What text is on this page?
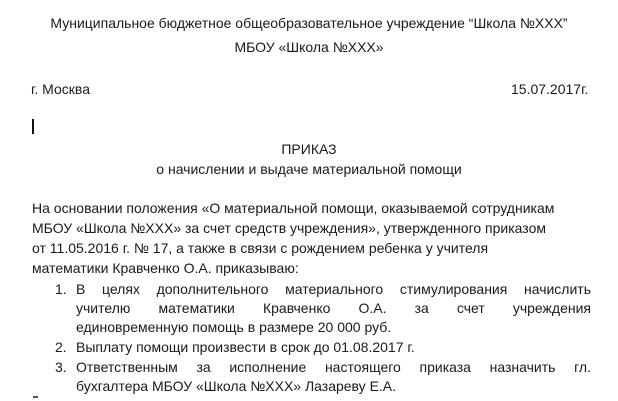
Муниципальное бюджетное общеобразовательное учреждение “Школа №ХХХ”
МБОУ «Школа №ХХХ»
г. Москва	15.07.2017г.
ПРИКАЗ
о начислении и выдаче материальной помощи
На основании положения «О материальной помощи, оказываемой сотрудникам
МБОУ «Школа №ХХХ» за счет средств учреждения», утвержденного приказом
от 11.05.2016 г. № 17, а также в связи с рождением ребенка у учителя
математики Кравченко О.А. приказываю:
1. В целях дополнительного материального стимулирования начислить
учителю математики Кравченко О.А. за счет учреждения
единовременную помощь в размере 20 000 руб.
2. Выплату помощи произвести в срок до 01.08.2017 г.
3. Ответственным за исполнение настоящего приказа назначить гл.
бухгалтера МБОУ «Школа №ХХХ» Лазареву Е.А.
